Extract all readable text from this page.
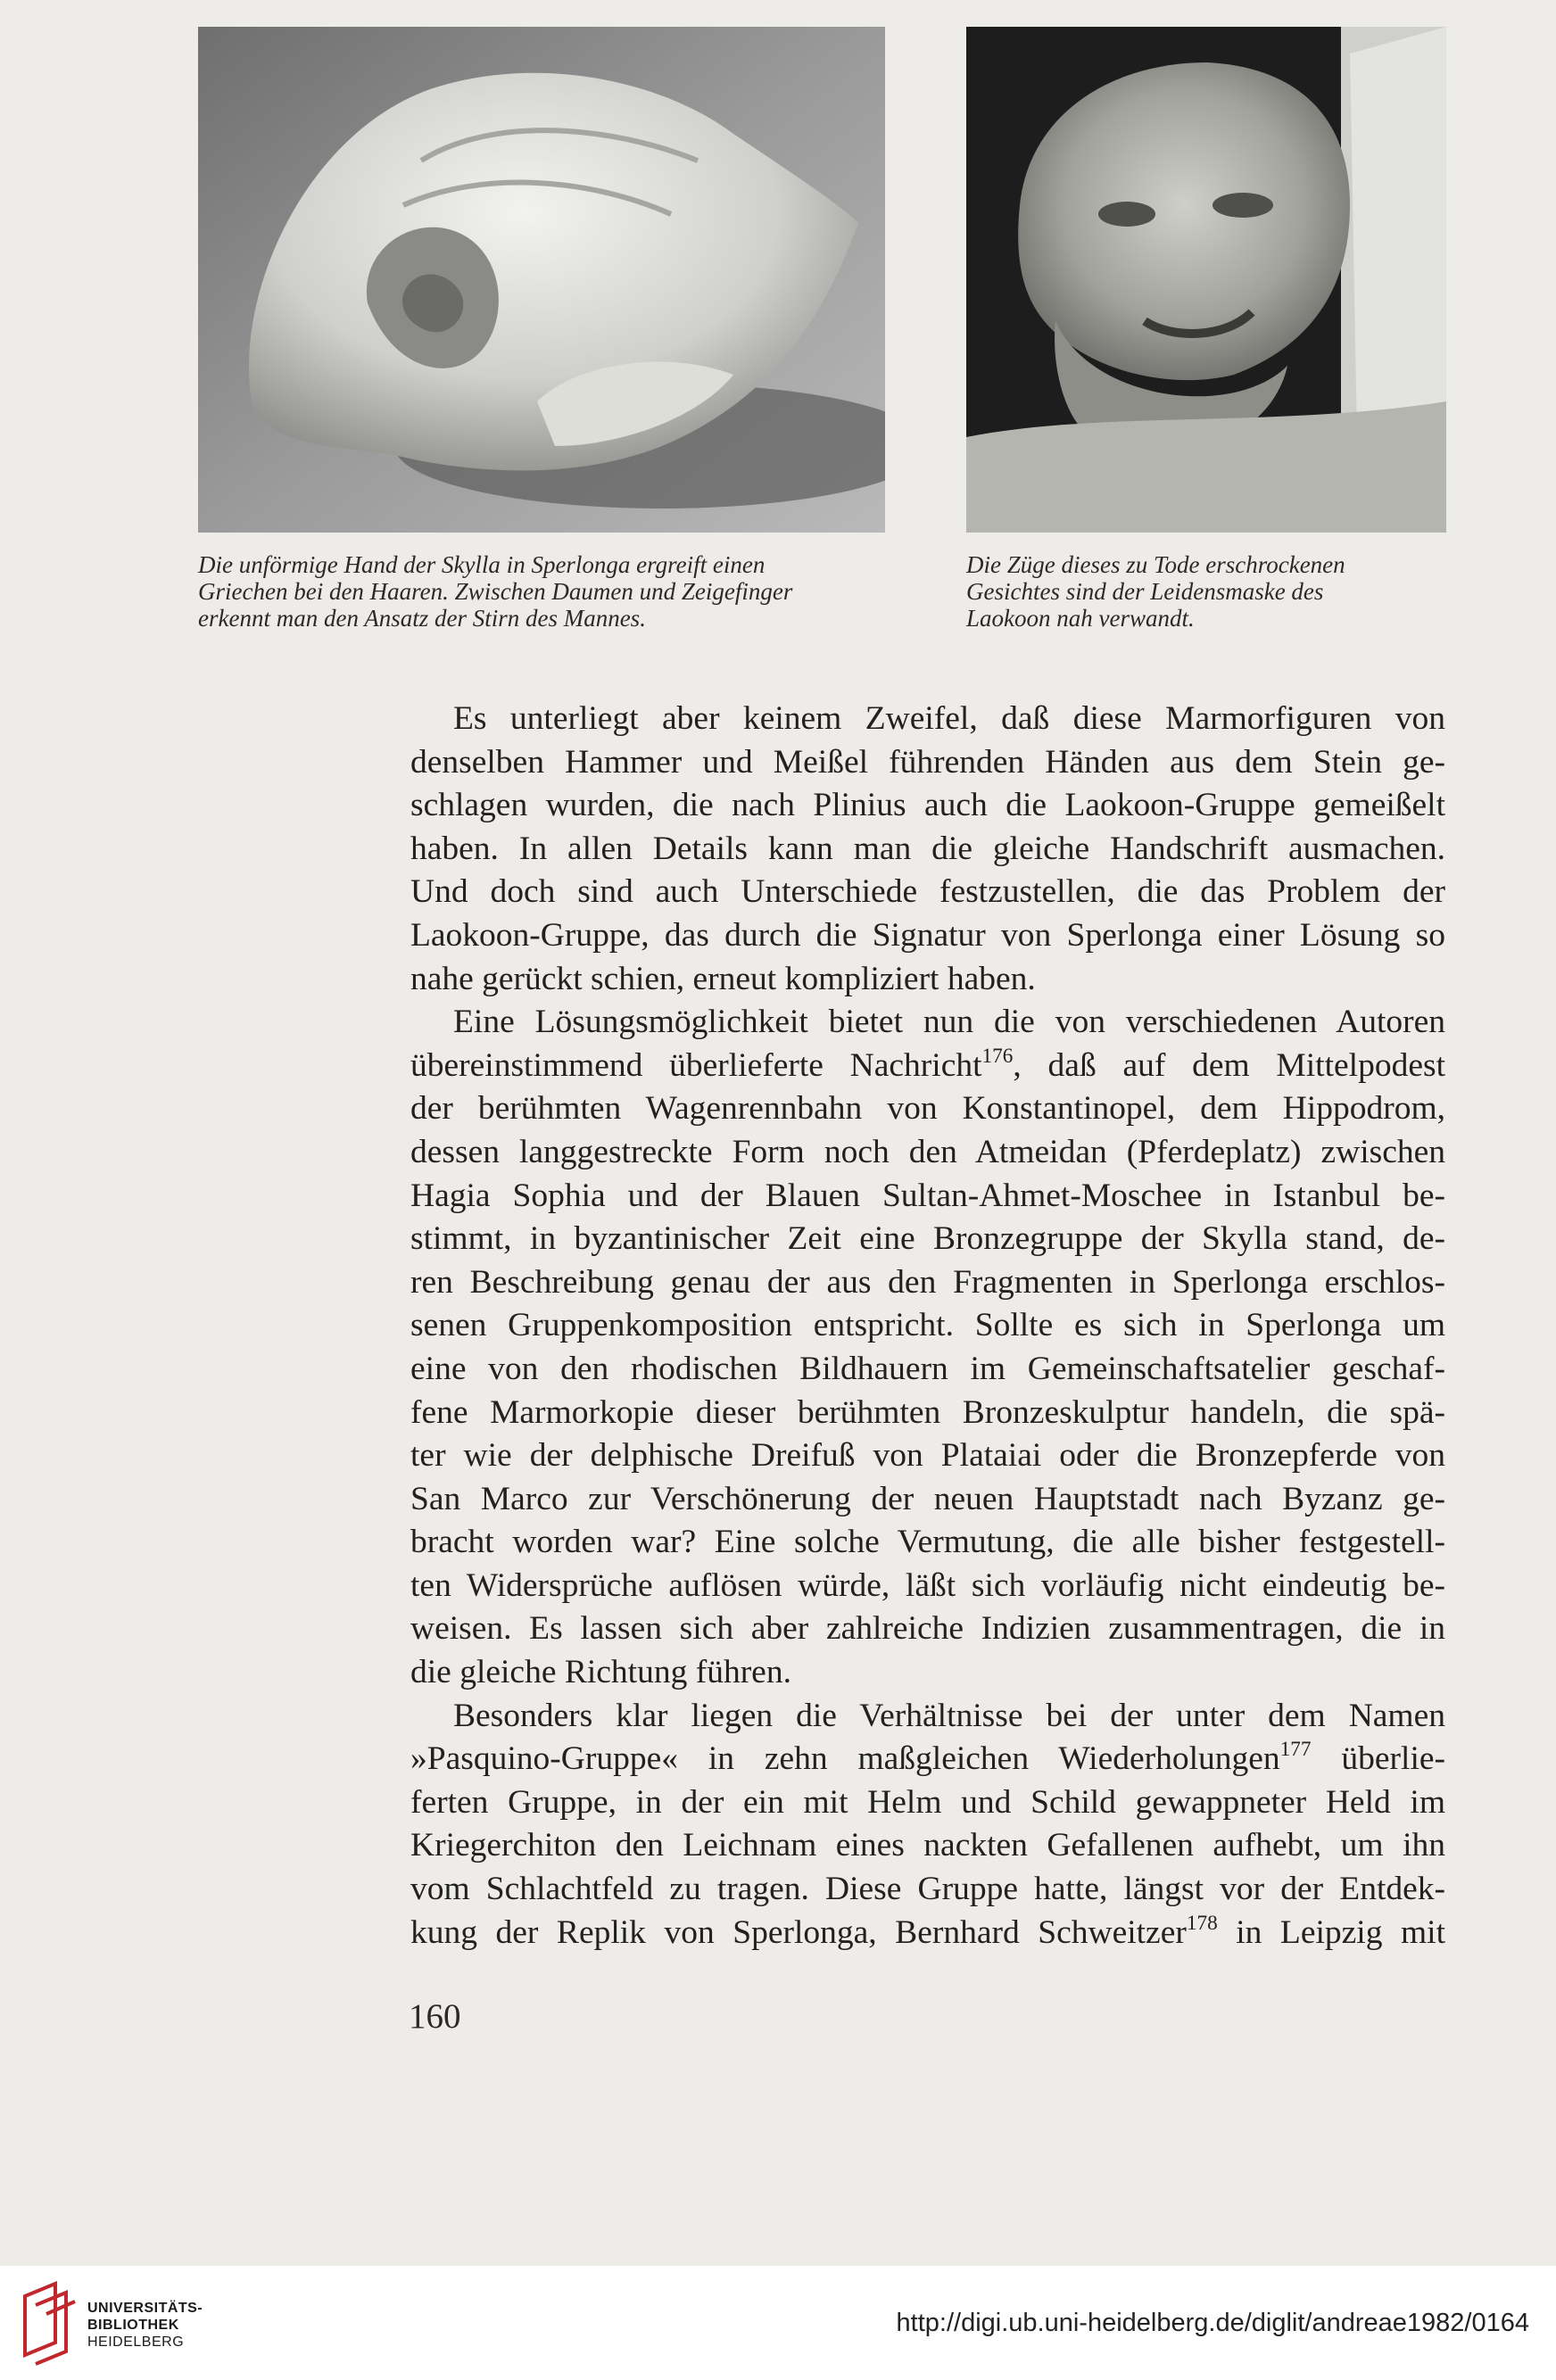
Die unförmige Hand der Skylla in Sperlonga ergreift einen
Griechen bei den Haaren. Zwischen Daumen und Zeigefinger
erkennt man den Ansatz der Stirn des Mannes.
Die Züge dieses zu Tode erschrockenen
Gesichtes sind der Leidensmaske des
Laokoon nah verwandt.
Es unterliegt aber keinem Zweifel, daß diese Marmorfiguren von
denselben Hammer und Meißel führenden Händen aus dem Stein ge-
schlagen wurden, die nach Plinius auch die Laokoon-Gruppe gemeißelt
haben. In allen Details kann man die gleiche Handschrift ausmachen.
Und doch sind auch Unterschiede festzustellen, die das Problem der
Laokoon-Gruppe, das durch die Signatur von Sperlonga einer Lösung so
nahe gerückt schien, erneut kompliziert haben.
Eine Lösungsmöglichkeit bietet nun die von verschiedenen Autoren
übereinstimmend überlieferte Nachricht$^{176}$, daß auf dem Mittelpodest
der berühmten Wagenrennbahn von Konstantinopel, dem Hippodrom,
dessen langgestreckte Form noch den Atmeidan (Pferdeplatz) zwischen
Hagia Sophia und der Blauen Sultan-Ahmet-Moschee in Istanbul be-
stimmt, in byzantinischer Zeit eine Bronzegruppe der Skylla stand, de-
ren Beschreibung genau der aus den Fragmenten in Sperlonga erschlos-
senen Gruppenkomposition entspricht. Sollte es sich in Sperlonga um
eine von den rhodischen Bildhauern im Gemeinschaftsatelier geschaf-
fene Marmorkopie dieser berühmten Bronzeskulptur handeln, die spä-
ter wie der delphische Dreifuß von Plataiai oder die Bronzepferde von
San Marco zur Verschönerung der neuen Hauptstadt nach Byzanz ge-
bracht worden war? Eine solche Vermutung, die alle bisher festgestell-
ten Widersprüche auflösen würde, läßt sich vorläufig nicht eindeutig be-
weisen. Es lassen sich aber zahlreiche Indizien zusammentragen, die in
die gleiche Richtung führen.
Besonders klar liegen die Verhältnisse bei der unter dem Namen
»Pasquino-Gruppe« in zehn maßgleichen Wiederholungen$^{177}$ überlie-
ferten Gruppe, in der ein mit Helm und Schild gewappneter Held im
Kriegerchiton den Leichnam eines nackten Gefallenen aufhebt, um ihn
vom Schlachtfeld zu tragen. Diese Gruppe hatte, längst vor der Entdek-
kung der Replik von Sperlonga, Bernhard Schweitzer$^{178}$ in Leipzig mit
160
UNIVERSITÄTS-
BIBLIOTHEK
HEIDELBERG
http://digi.ub.uni-heidelberg.de/diglit/andreae1982/0164
